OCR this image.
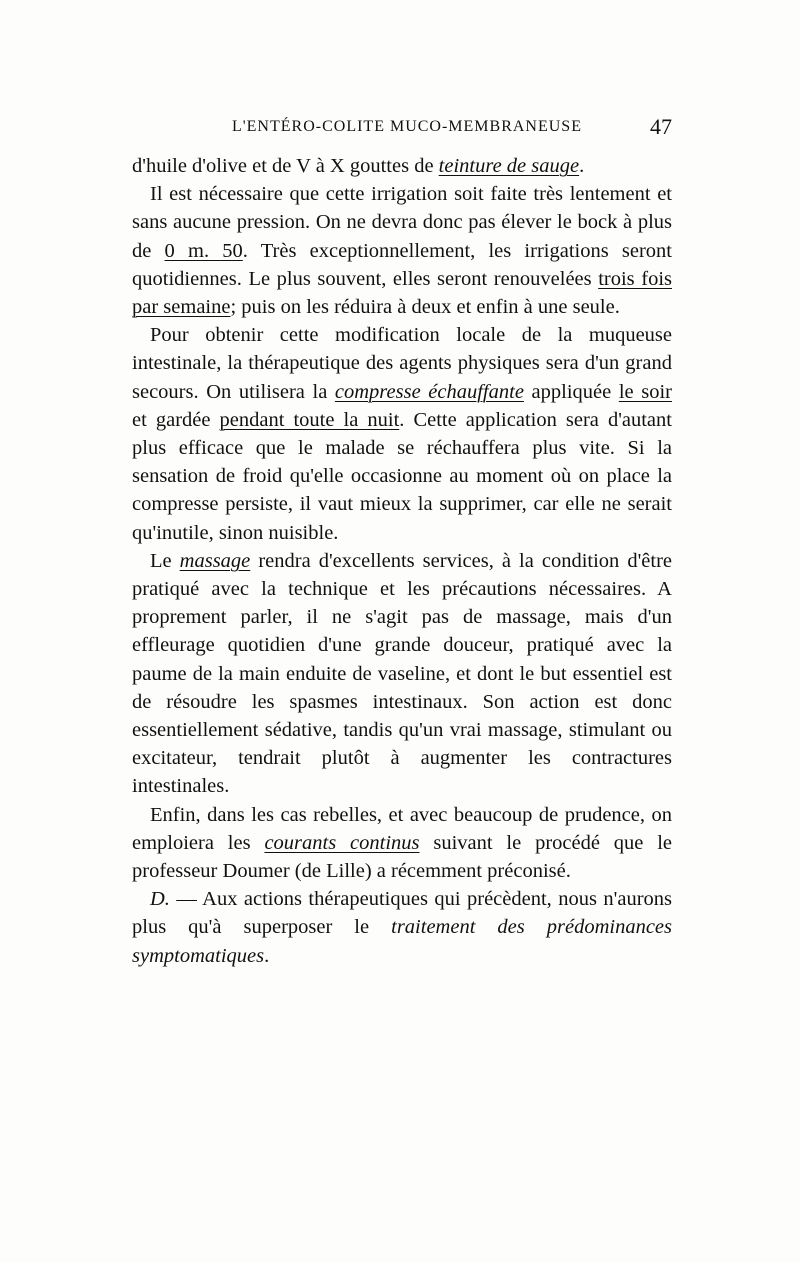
L'ENTÉRO-COLITE MUCO-MEMBRANEUSE	47

d'huile d'olive et de V à X gouttes de teinture de sauge.

Il est nécessaire que cette irrigation soit faite très lentement et sans aucune pression. On ne devra donc pas élever le bock à plus de 0 m. 50. Très exceptionnellement, les irrigations seront quotidiennes. Le plus souvent, elles seront renouvelées trois fois par semaine; puis on les réduira à deux et enfin à une seule.

Pour obtenir cette modification locale de la muqueuse intestinale, la thérapeutique des agents physiques sera d'un grand secours. On utilisera la compresse échauffante appliquée le soir et gardée pendant toute la nuit. Cette application sera d'autant plus efficace que le malade se réchauffera plus vite. Si la sensation de froid qu'elle occasionne au moment où on place la compresse persiste, il vaut mieux la supprimer, car elle ne serait qu'inutile, sinon nuisible.

Le massage rendra d'excellents services, à la condition d'être pratiqué avec la technique et les précautions nécessaires. A proprement parler, il ne s'agit pas de massage, mais d'un effleurage quotidien d'une grande douceur, pratiqué avec la paume de la main enduite de vaseline, et dont le but essentiel est de résoudre les spasmes intestinaux. Son action est donc essentiellement sédative, tandis qu'un vrai massage, stimulant ou excitateur, tendrait plutôt à augmenter les contractures intestinales.

Enfin, dans les cas rebelles, et avec beaucoup de prudence, on emploiera les courants continus suivant le procédé que le professeur Doumer (de Lille) a récemment préconisé.

D. — Aux actions thérapeutiques qui précèdent, nous n'aurons plus qu'à superposer le traitement des prédominances symptomatiques.
